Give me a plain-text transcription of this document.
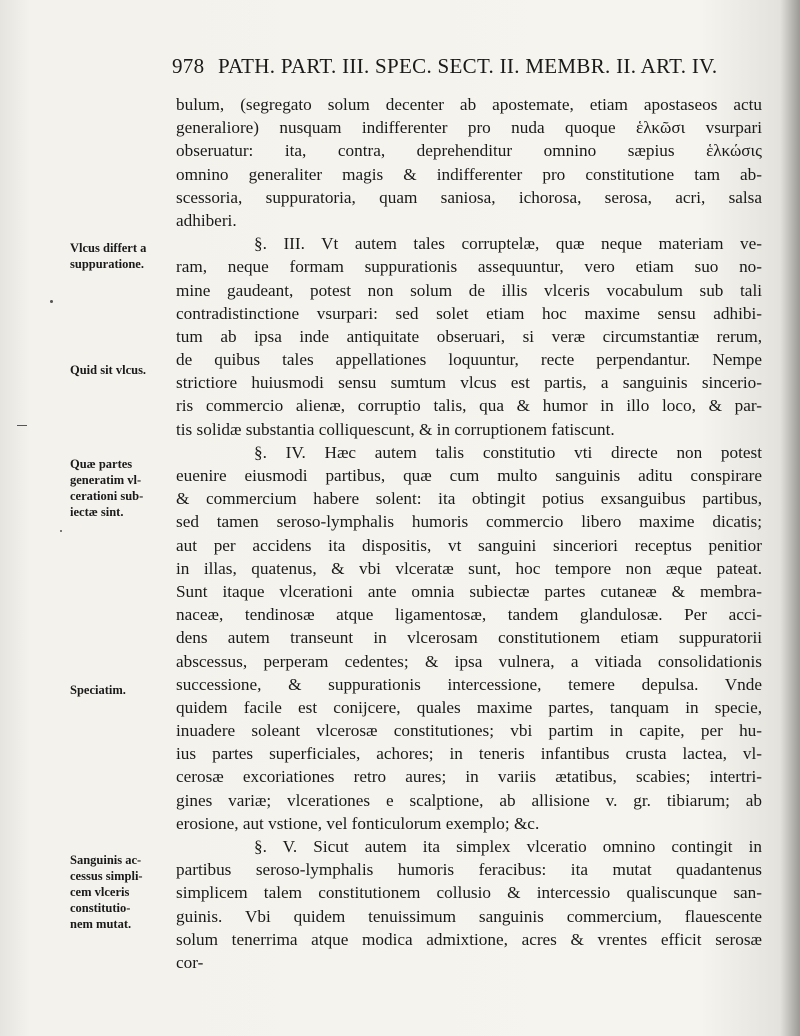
978 PATH. PART. III. SPEC. SECT. II. MEMBR. II. ART. IV.
bulum, (segregato solum decenter ab apostemate, etiam apostaseos actu
generaliore) nusquam indifferenter pro nuda quoque ἑλκῶσι vsurpari
obseruatur: ita, contra, deprehenditur omnino sæpius ἑλκώσις
omnino generaliter magis & indifferenter pro constitutione tam ab-
scessoria, suppuratoria, quam saniosa, ichorosa, serosa, acri, salsa
adhiberi.
§. III. Vt autem tales corruptelæ, quæ neque materiam ve-
ram, neque formam suppurationis assequuntur, vero etiam suo no-
mine gaudeant, potest non solum de illis vlceris vocabulum sub tali
contradistinctione vsurpari: sed solet etiam hoc maxime sensu adhibi-
tum ab ipsa inde antiquitate obseruari, si veræ circumstantiæ rerum,
de quibus tales appellationes loquuntur, recte perpendantur. Nempe
strictiore huiusmodi sensu sumtum vlcus est partis, a sanguinis sincerio-
ris commercio alienæ, corruptio talis, qua & humor in illo loco, & par-
tis solidæ substantia colliquescunt, & in corruptionem fatiscunt.
§. IV. Hæc autem talis constitutio vti directe non potest
euenire eiusmodi partibus, quæ cum multo sanguinis aditu conspirare
& commercium habere solent: ita obtingit potius exsanguibus partibus,
sed tamen seroso-lymphalis humoris commercio libero maxime dicatis;
aut per accidens ita dispositis, vt sanguini sinceriori receptus penitior
in illas, quatenus, & vbi vlceratæ sunt, hoc tempore non æque pateat.
Sunt itaque vlcerationi ante omnia subiectæ partes cutaneæ & membra-
naceæ, tendinosæ atque ligamentosæ, tandem glandulosæ. Per acci-
dens autem transeunt in vlcerosam constitutionem etiam suppuratorii
abscessus, perperam cedentes; & ipsa vulnera, a vitiada consolidationis
successione, & suppurationis intercessione, temere depulsa. Vnde
quidem facile est conijcere, quales maxime partes, tanquam in specie,
inuadere soleant vlcerosæ constitutiones; vbi partim in capite, per hu-
ius partes superficiales, achores; in teneris infantibus crusta lactea, vl-
cerosæ excoriationes retro aures; in variis ætatibus, scabies; intertri-
gines variæ; vlcerationes e scalptione, ab allisione v. gr. tibiarum; ab
erosione, aut vstione, vel fonticulorum exemplo; &c.
§. V. Sicut autem ita simplex vlceratio omnino contingit in
partibus seroso-lymphalis humoris feracibus: ita mutat quadantenus
simplicem talem constitutionem collusio & intercessio qualiscunque san-
guinis. Vbi quidem tenuissimum sanguinis commercium, flauescente
solum tenerrima atque modica admixtione, acres & vrentes efficit serosæ
cor-
Vlcus differt a
suppuratione.
Quid sit vlcus.
Quæ partes
generatim vl-
cerationi sub-
iectæ sint.
Speciatim.
Sanguinis ac-
cessus simpli-
cem vlceris
constitutio-
nem mutat.
